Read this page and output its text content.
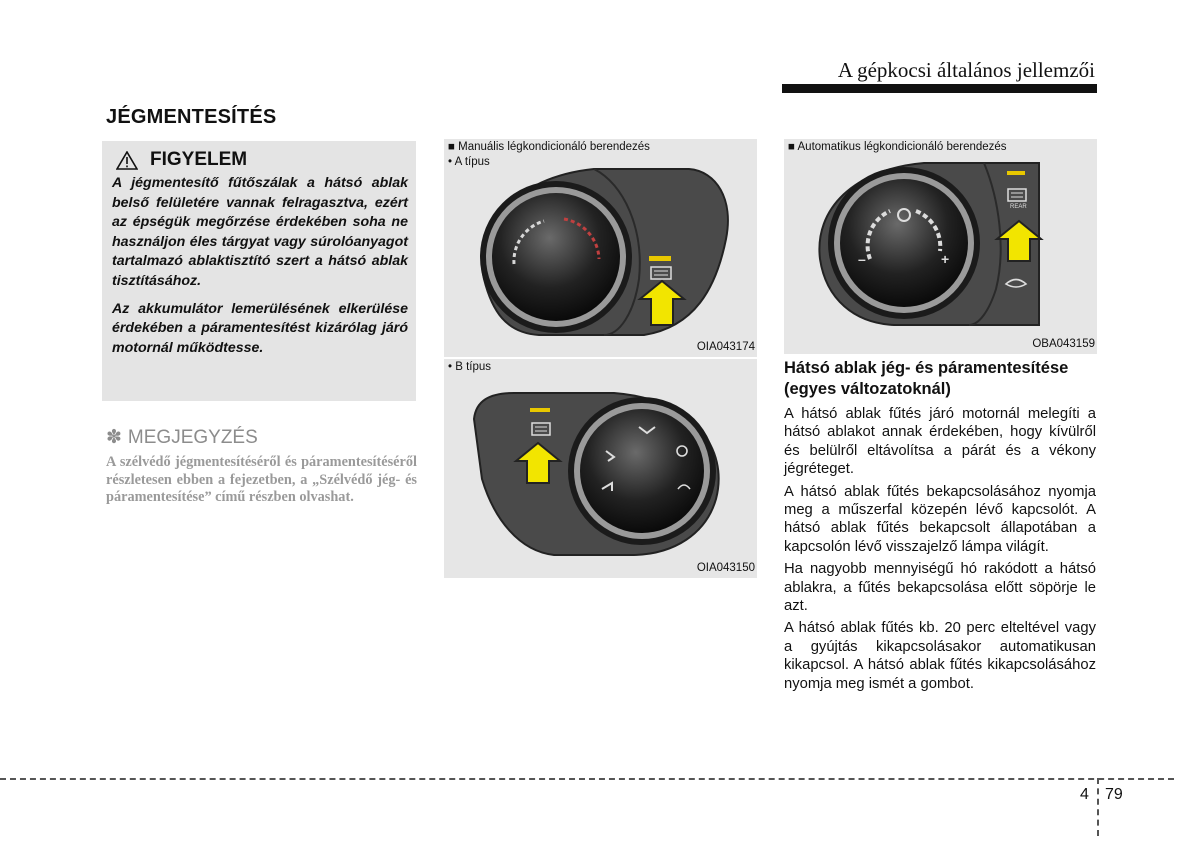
A gépkocsi általános jellemzői
JÉGMENTESÍTÉS
FIGYELEM

A jégmentesítő fűtőszálak a hátsó ablak belső felületére vannak felragasztva, ezért az épségük megőrzése érdekében soha ne használjon éles tárgyat vagy súrolóanyagot tartalmazó ablaktisztító szert a hátsó ablak tisztításához.

Az akkumulátor lemerülésének elkerülése érdekében a páramentesítést kizárólag járó motornál működtesse.

✽ MEGJEGYZÉS
A szélvédő jégmentesítéséről és páramentesítéséről részletesen ebben a fejezetben, a „Szélvédő jég- és páramentesítése” című részben olvashat.
■ Manuális légkondicionáló berendezés
• A típus
OIA043174
• B típus
OIA043150
–	+
REAR
■ Automatikus légkondicionáló berendezés
OBA043159
Hátsó ablak jég- és páramentesítése (egyes változatoknál)

A hátsó ablak fűtés járó motornál melegíti a hátsó ablakot annak érdekében, hogy kívülről és belülről eltávolítsa a párát és a vékony jégréteget.

A hátsó ablak fűtés bekapcsolásához nyomja meg a műszerfal közepén lévő kapcsolót. A hátsó ablak fűtés bekapcsolt állapotában a kapcsolón lévő visszajelző lámpa világít.

Ha nagyobb mennyiségű hó rakódott a hátsó ablakra, a fűtés bekapcsolása előtt söpörje le azt.

A hátsó ablak fűtés kb. 20 perc elteltével vagy a gyújtás kikapcsolásakor automatikusan kikapcsol. A hátsó ablak fűtés kikapcsolásához nyomja meg ismét a gombot.

4 79
